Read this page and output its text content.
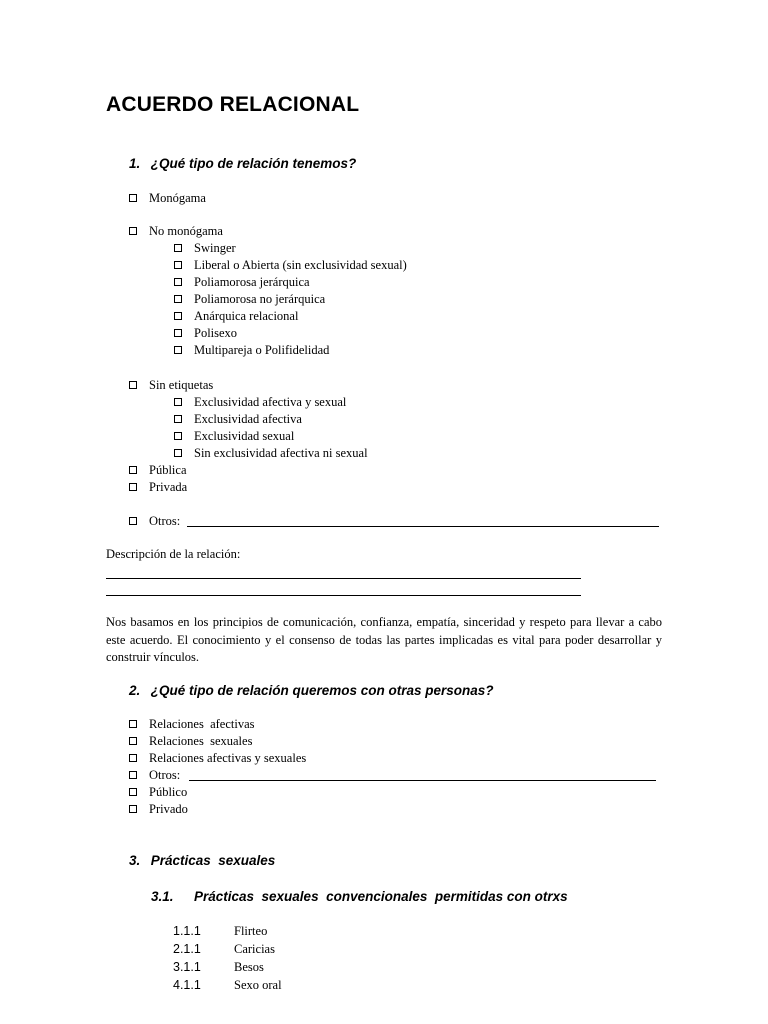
ACUERDO RELACIONAL
1. ¿Qué tipo de relación tenemos?
Monógama
No monógama
Swinger
Liberal o Abierta (sin exclusividad sexual)
Poliamorosa jerárquica
Poliamorosa no jerárquica
Anárquica relacional
Polisexo
Multipareja o Polifidelidad
Sin etiquetas
Exclusividad afectiva y sexual
Exclusividad afectiva
Exclusividad sexual
Sin exclusividad afectiva ni sexual
Pública
Privada
Otros:
Descripción de la relación:
Nos basamos en los principios de comunicación, confianza, empatía, sinceridad y respeto para llevar a cabo este acuerdo. El conocimiento y el consenso de todas las partes implicadas es vital para poder desarrollar y construir vínculos.
2. ¿Qué tipo de relación queremos con otras personas?
Relaciones  afectivas
Relaciones  sexuales
Relaciones afectivas y sexuales
Otros:
Público
Privado
3. Prácticas  sexuales
3.1. Prácticas  sexuales  convencionales  permitidas con otrxs
1.1.1	Flirteo
2.1.1	Caricias
3.1.1	Besos
4.1.1	Sexo oral
